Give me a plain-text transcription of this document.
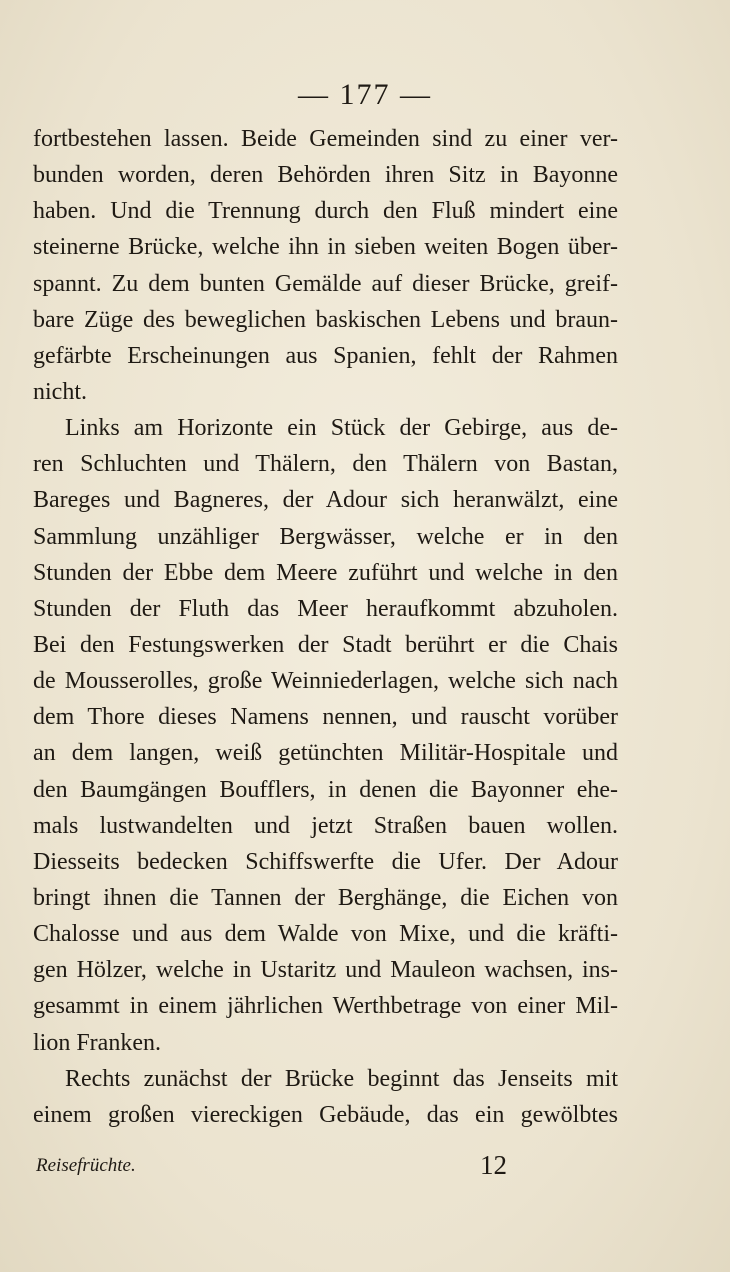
— 177 —
fortbestehen lassen. Beide Gemeinden sind zu einer ver-
bunden worden, deren Behörden ihren Sitz in Bayonne
haben. Und die Trennung durch den Fluß mindert eine
steinerne Brücke, welche ihn in sieben weiten Bogen über-
spannt. Zu dem bunten Gemälde auf dieser Brücke, greif-
bare Züge des beweglichen baskischen Lebens und braun-
gefärbte Erscheinungen aus Spanien, fehlt der Rahmen
nicht.
Links am Horizonte ein Stück der Gebirge, aus de-
ren Schluchten und Thälern, den Thälern von Bastan,
Bareges und Bagneres, der Adour sich heranwälzt, eine
Sammlung unzähliger Bergwässer, welche er in den
Stunden der Ebbe dem Meere zuführt und welche in den
Stunden der Fluth das Meer heraufkommt abzuholen.
Bei den Festungswerken der Stadt berührt er die Chais
de Mousserolles, große Weinniederlagen, welche sich nach
dem Thore dieses Namens nennen, und rauscht vorüber
an dem langen, weiß getünchten Militär-Hospitale und
den Baumgängen Boufflers, in denen die Bayonner ehe-
mals lustwandelten und jetzt Straßen bauen wollen.
Diesseits bedecken Schiffswerfte die Ufer. Der Adour
bringt ihnen die Tannen der Berghänge, die Eichen von
Chalosse und aus dem Walde von Mixe, und die kräfti-
gen Hölzer, welche in Ustaritz und Mauleon wachsen, ins-
gesammt in einem jährlichen Werthbetrage von einer Mil-
lion Franken.
Rechts zunächst der Brücke beginnt das Jenseits mit
einem großen viereckigen Gebäude, das ein gewölbtes
Reisefrüchte.	12
